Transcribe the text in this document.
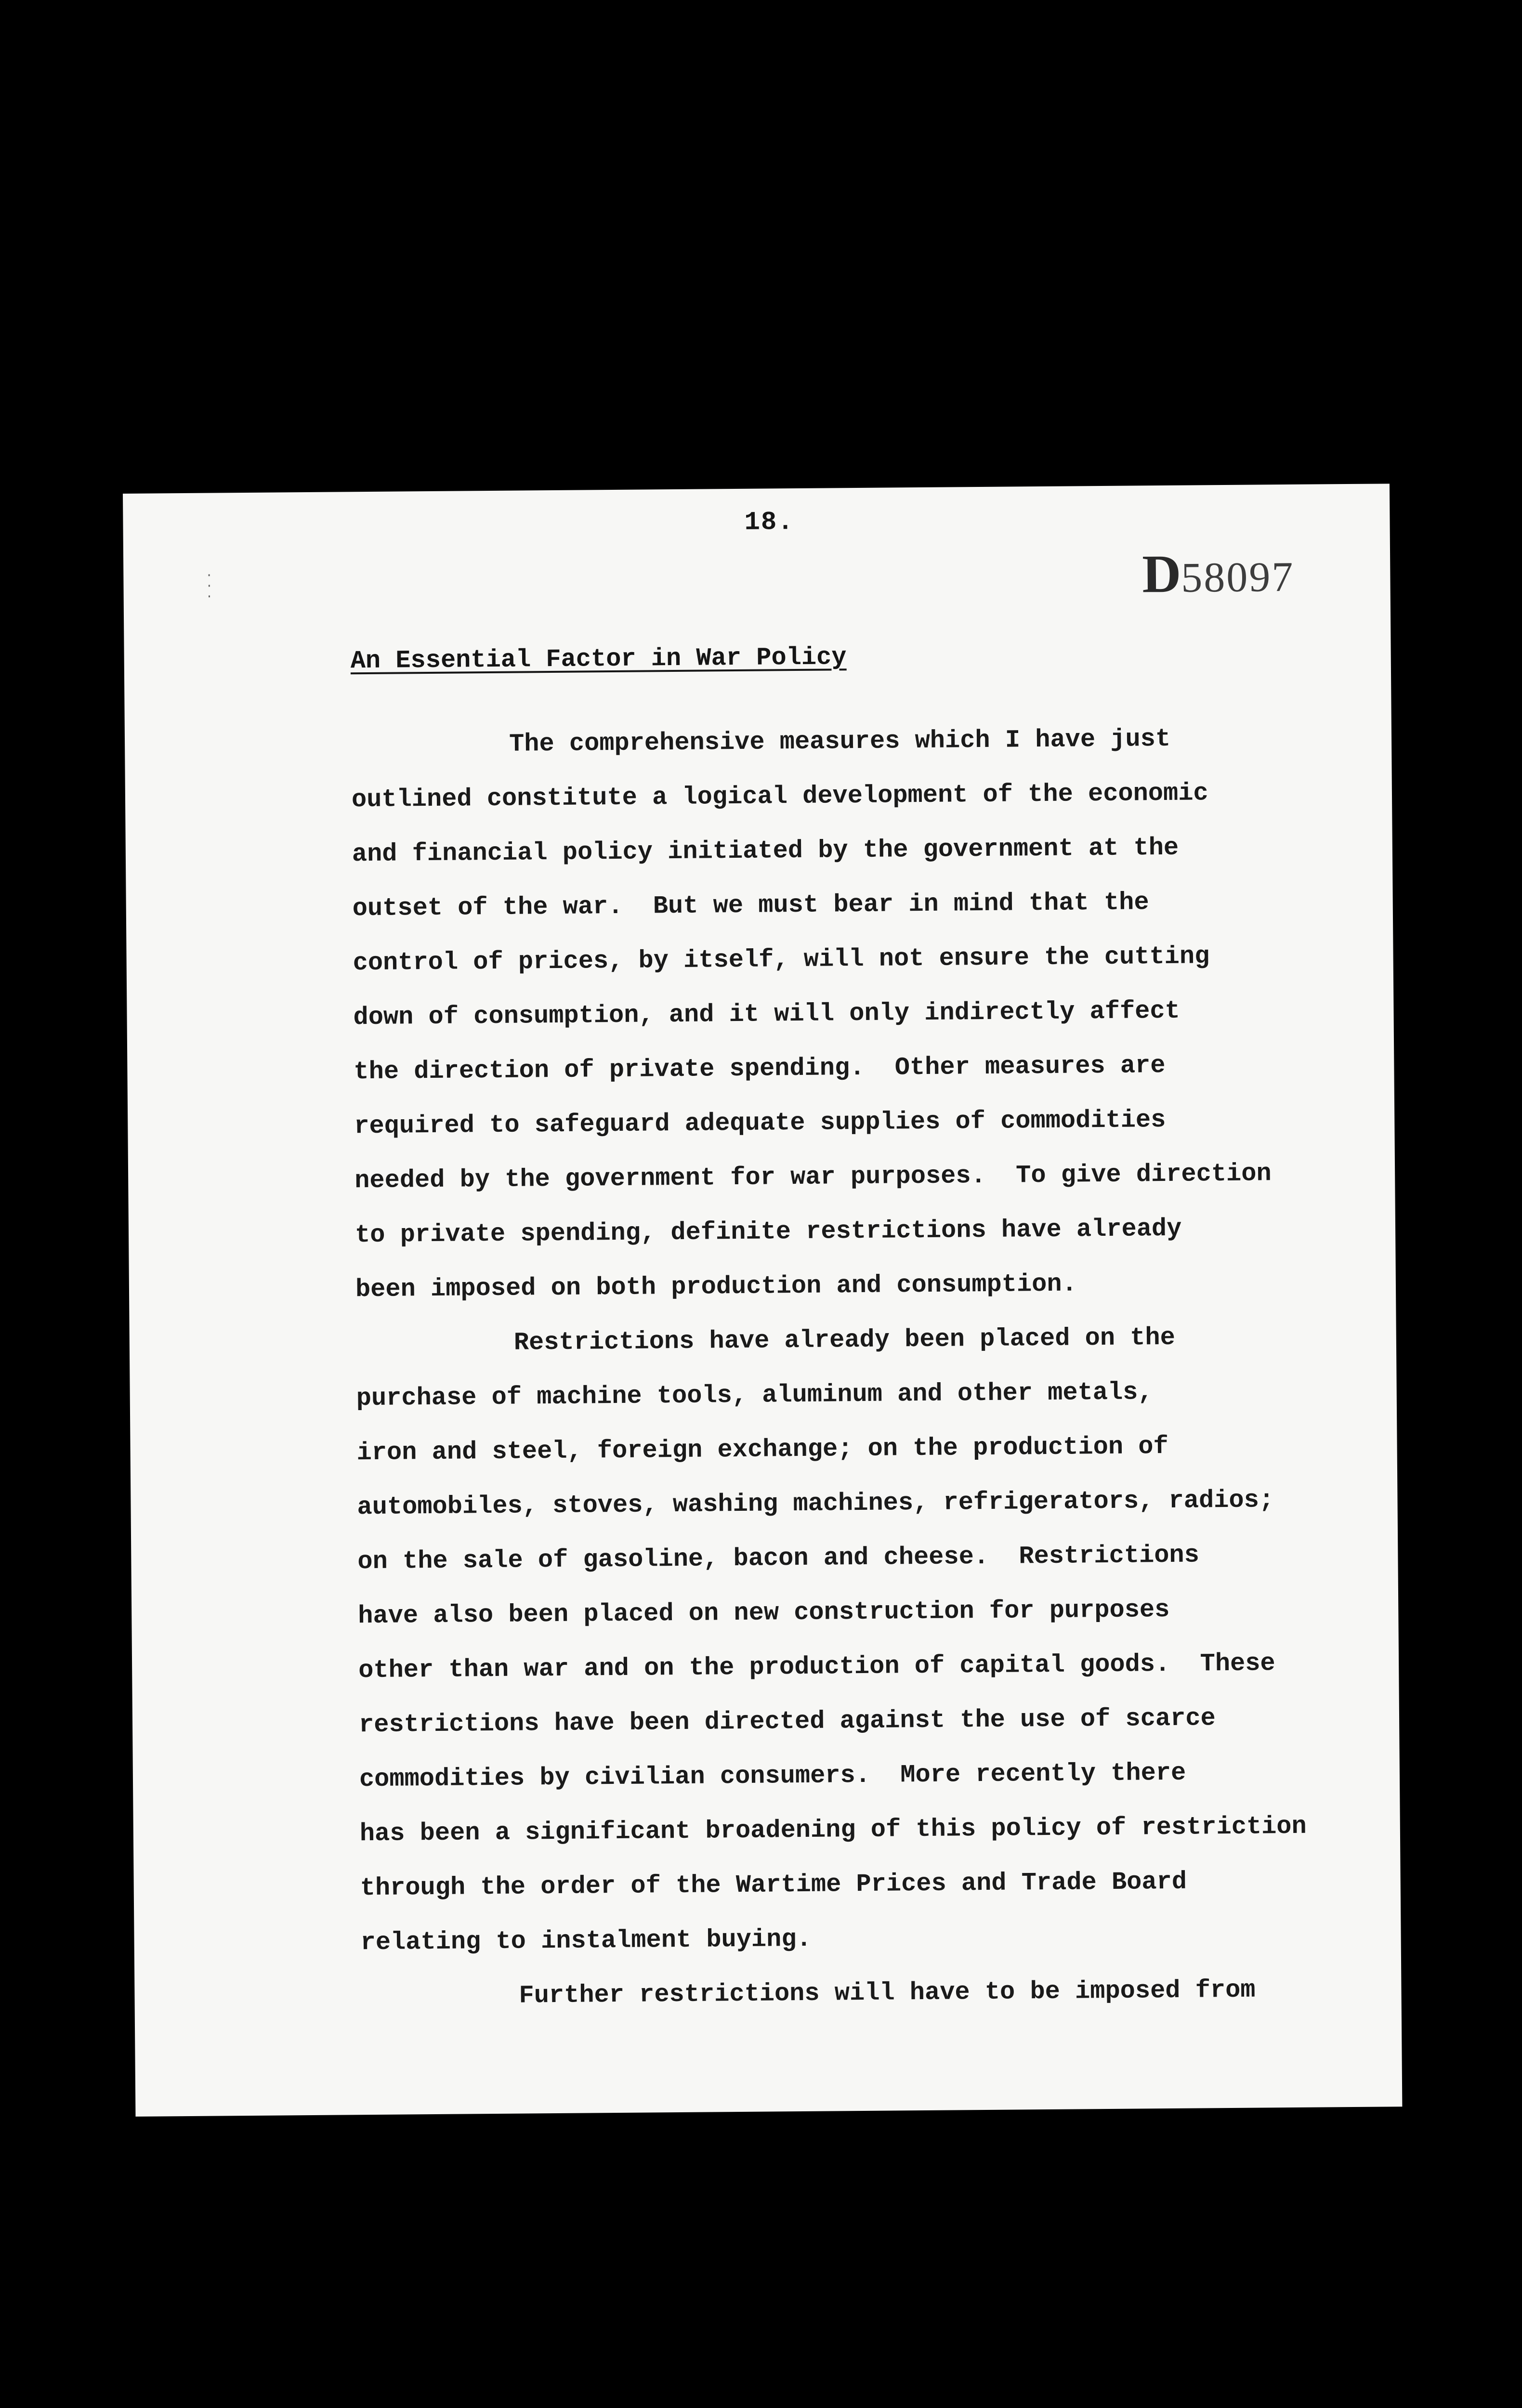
18.
D58097
·
·
·
An Essential Factor in War Policy
The comprehensive measures which I have just
outlined constitute a logical development of the economic
and financial policy initiated by the government at the
outset of the war.  But we must bear in mind that the
control of prices, by itself, will not ensure the cutting
down of consumption, and it will only indirectly affect
the direction of private spending.  Other measures are
required to safeguard adequate supplies of commodities
needed by the government for war purposes.  To give direction
to private spending, definite restrictions have already
been imposed on both production and consumption.
Restrictions have already been placed on the
purchase of machine tools, aluminum and other metals,
iron and steel, foreign exchange; on the production of
automobiles, stoves, washing machines, refrigerators, radios;
on the sale of gasoline, bacon and cheese.  Restrictions
have also been placed on new construction for purposes
other than war and on the production of capital goods.  These
restrictions have been directed against the use of scarce
commodities by civilian consumers.  More recently there
has been a significant broadening of this policy of restriction
through the order of the Wartime Prices and Trade Board
relating to instalment buying.
Further restrictions will have to be imposed from
